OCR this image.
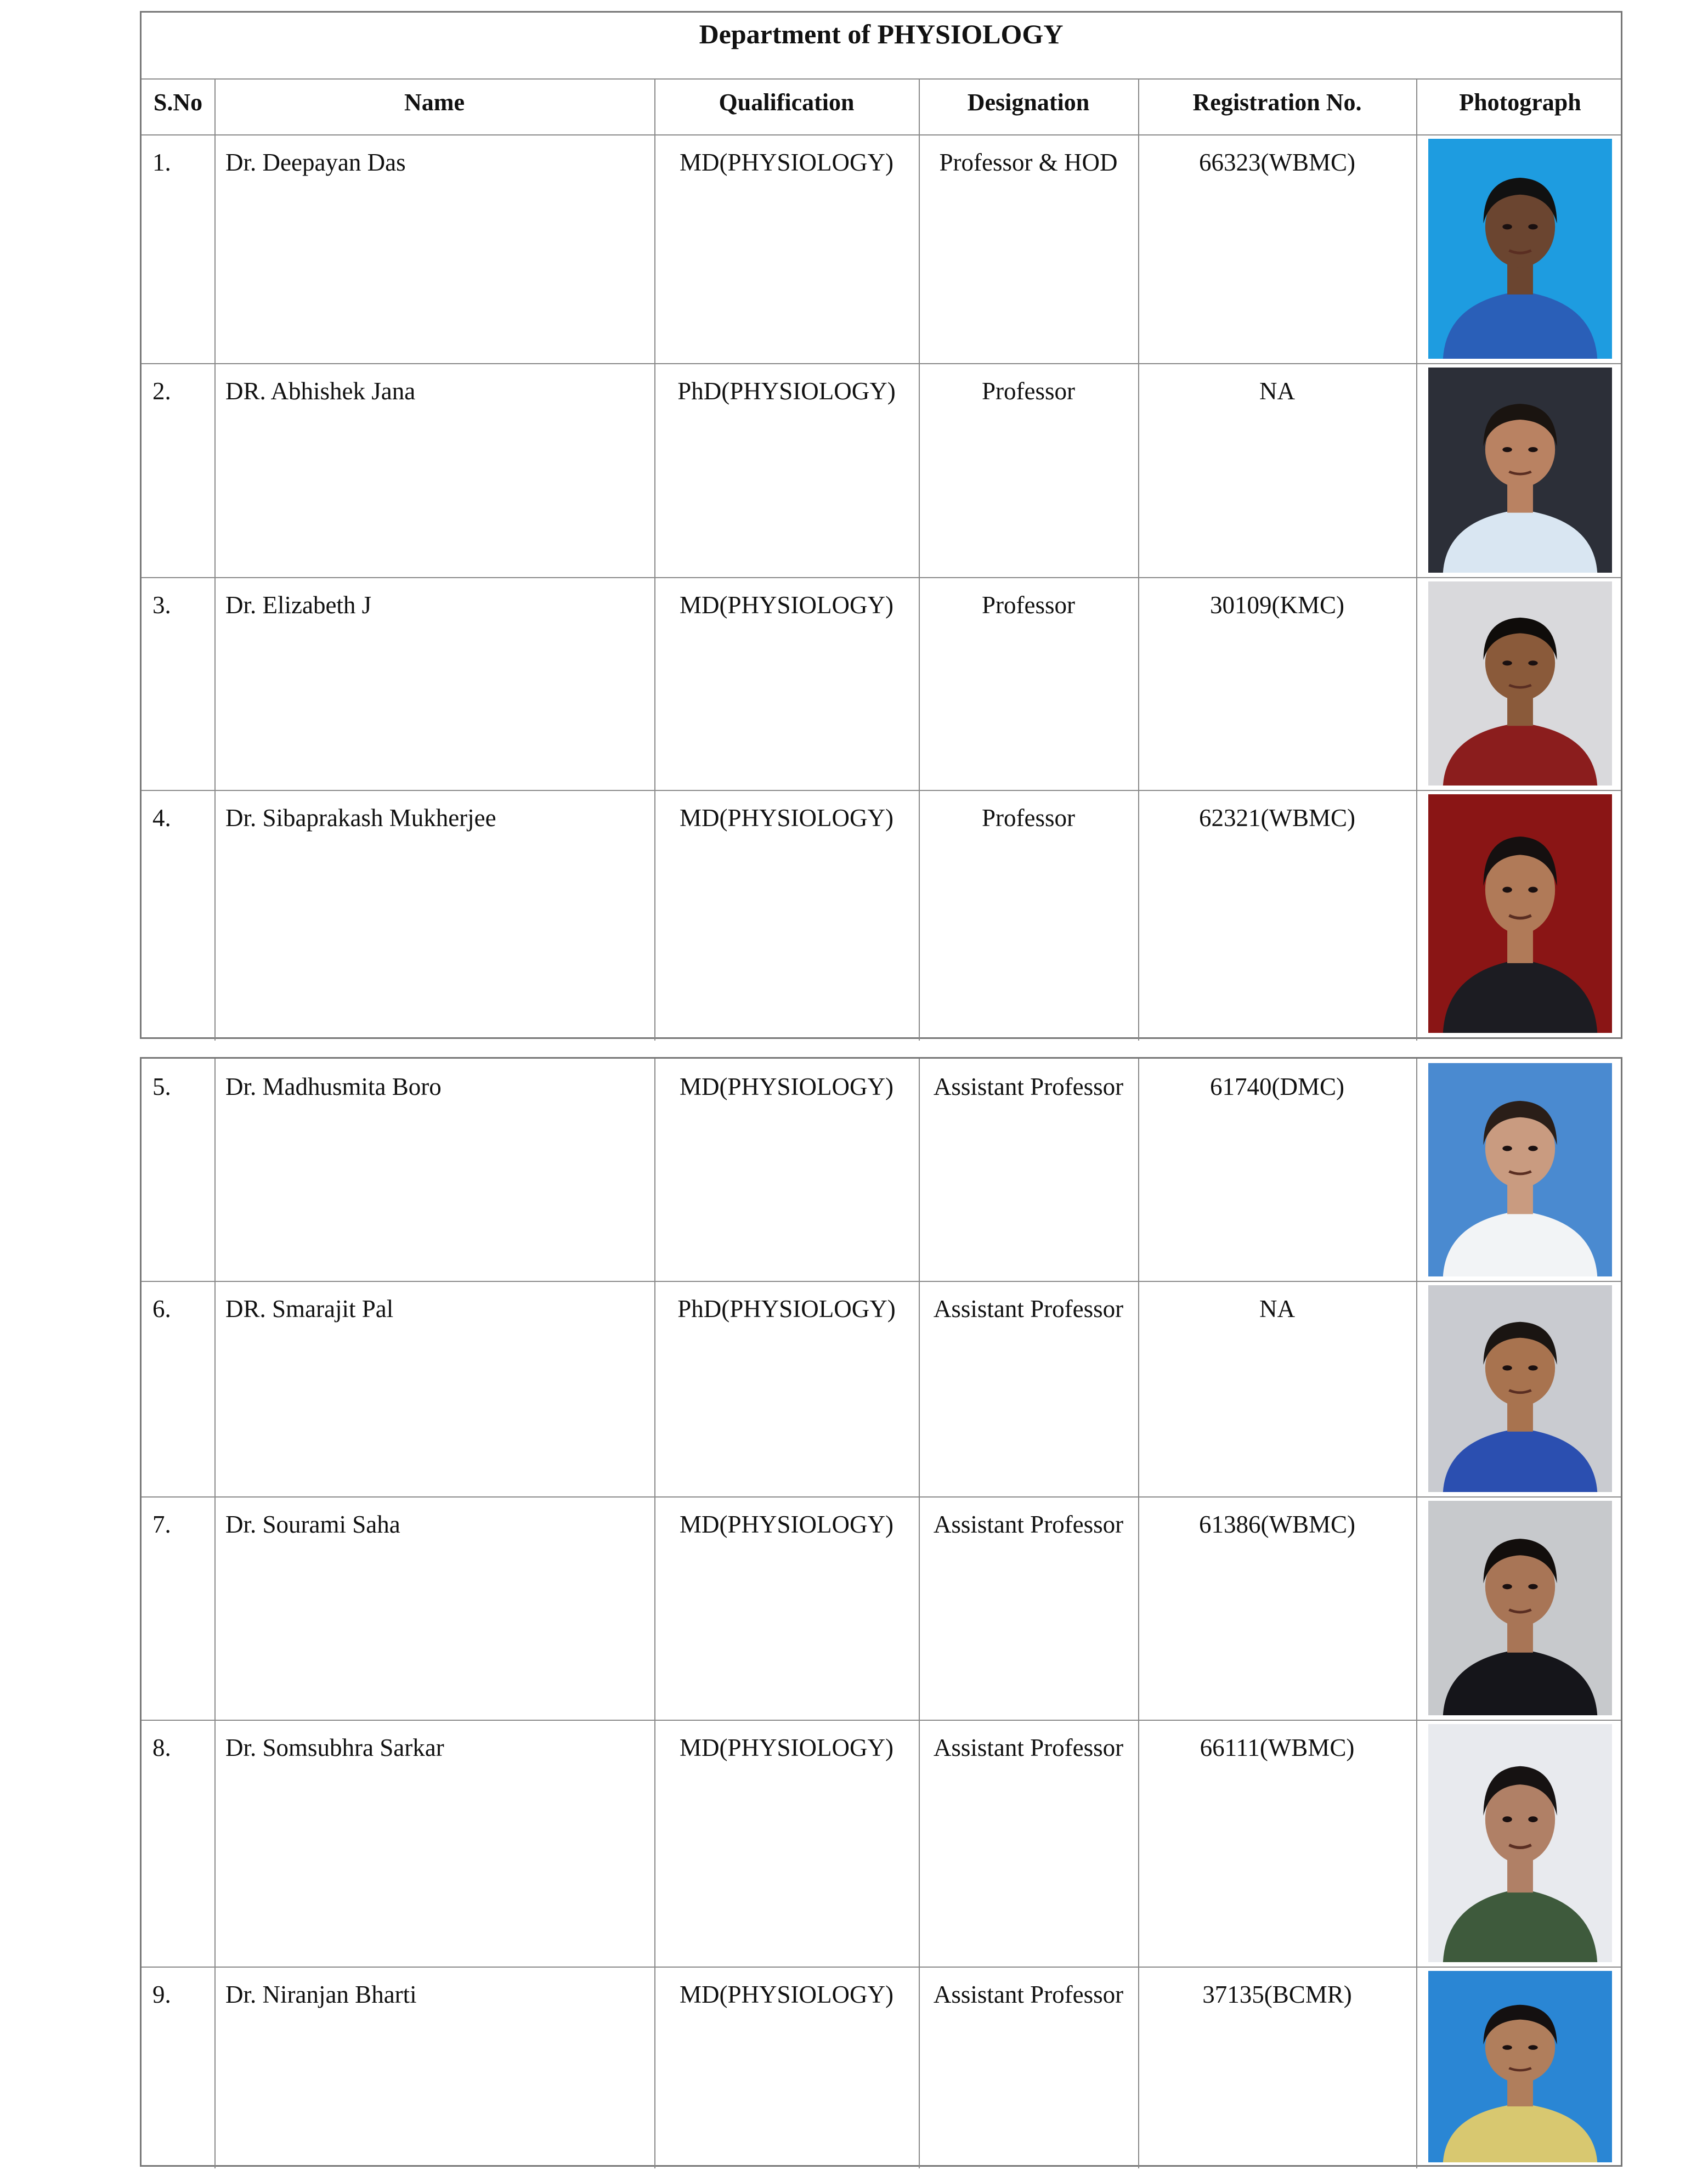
Department of PHYSIOLOGY
S.No	Name	Qualification	Designation	Registration No.	Photograph
1.	Dr. Deepayan Das	MD(PHYSIOLOGY)	Professor & HOD	66323(WBMC)
2.	DR. Abhishek Jana	PhD(PHYSIOLOGY)	Professor	NA
3.	Dr. Elizabeth J	MD(PHYSIOLOGY)	Professor	30109(KMC)
4.	Dr. Sibaprakash Mukherjee	MD(PHYSIOLOGY)	Professor	62321(WBMC)
5.	Dr. Madhusmita Boro	MD(PHYSIOLOGY)	Assistant Professor	61740(DMC)
6.	DR. Smarajit Pal	PhD(PHYSIOLOGY)	Assistant Professor	NA
7.	Dr. Sourami Saha	MD(PHYSIOLOGY)	Assistant Professor	61386(WBMC)
8.	Dr. Somsubhra Sarkar	MD(PHYSIOLOGY)	Assistant Professor	66111(WBMC)
9.	Dr. Niranjan Bharti	MD(PHYSIOLOGY)	Assistant Professor	37135(BCMR)
